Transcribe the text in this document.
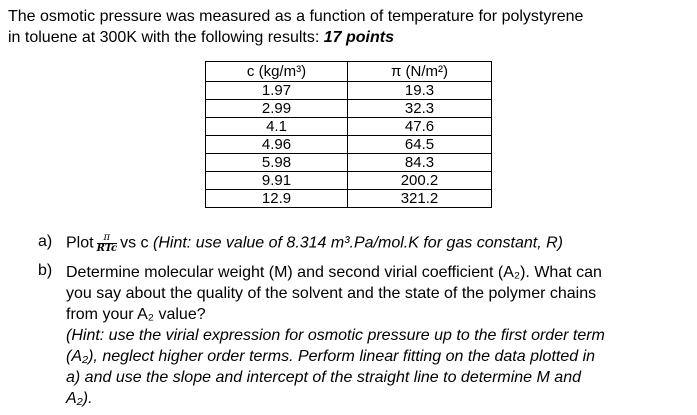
The osmotic pressure was measured as a function of temperature for polystyrene
in toluene at 300K with the following results: 17 points
c (kg/m³)	π (N/m²)
1.97	19.3
2.99	32.3
4.1	47.6
4.96	64.5
5.98	84.3
9.91	200.2
12.9	321.2
a) Plot $\frac{\pi}{\text{RTc}}$ vs c (Hint: use value of 8.314 m³.Pa/mol.K for gas constant, R)
b) Determine molecular weight (M) and second virial coefficient (A₂). What can
you say about the quality of the solvent and the state of the polymer chains
from your A₂ value?
(Hint: use the virial expression for osmotic pressure up to the first order term
(A₂), neglect higher order terms. Perform linear fitting on the data plotted in
a) and use the slope and intercept of the straight line to determine M and
A₂).
